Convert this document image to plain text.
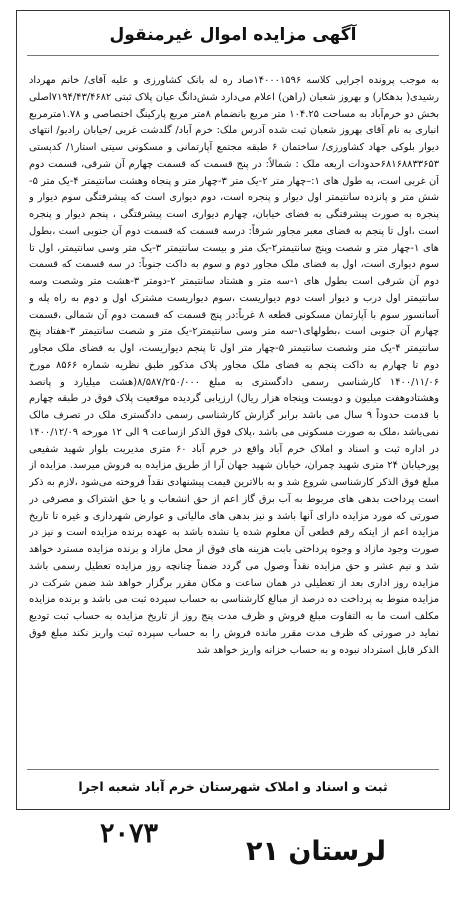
آگهی مزایده اموال غیرمنقول
به موجب پرونده اجرایی کلاسه ۱۴۰۰۰۱۵۹۶صاد ره له بانک کشاورزی و علیه آقای/ خانم مهرداد رشیدی( بدهکار) و بهروز شعبان (راهن) اعلام می‌دارد شش‌دانگ عیان پلاک ثبتی ۷۱۹۴/۴۳/۴۶۸۲اصلی بخش دو خرم‌آباد به مساحت ۱۰۴.۲۵ متر مربع بانضمام ۸متر مربع پارکینگ اختصاصی و ۱.۷۸مترمربع انباری به نام آقای بهروز شعبان ثبت شده آدرس ملک: خرم آباد/ گلدشت غربی /خیابان رادیو/ انتهای دیوار بلوکی جهاد کشاورزی/ ساختمان ۶ طبقه مجتمع آپارتمانی و مسکونی سیتی استار۱/ کدپستی ۶۸۱۶۸۸۳۳۶۵۳حدودات اربعه ملک : شمالاً: در پنج قسمت که قسمت چهارم آن شرقی، قسمت دوم آن غربی است، به طول های ۱:–چهار متر ۲-یک متر ۳-چهار متر و پنجاه وهشت سانتیمتر ۴-یک متر ۵-شش متر و پانزده سانتیمتر اول دیوار و پنجره است، دوم دیواری است که پیشرفتگی سوم دیوار و پنجره به صورت پیشرفتگی به فضای خیابان، چهارم دیواری است پیشرفتگی ، پنجم دیوار و پنجره است ،اول تا پنجم به فضای معبر مجاور شرقاً: درسه قسمت که قسمت دوم آن جنوبی است ،بطول های ۱-چهار متر و شصت وپنج سانتیمتر۲-یک متر و بیست سانتیمتر ۳-یک متر وسی سانتیمتر، اول تا سوم دیواری است، اول به فضای ملک مجاور دوم و سوم به داکت جنوباً: در سه قسمت که قسمت دوم آن شرقی است بطول های ۱-سه متر و هشتاد سانتیمتر ۲-دومتر ۳-هشت متر وشصت وسه سانتیمتر اول درب و دیوار است دوم دیواریست ،سوم دیواریست مشترک اول و دوم به راه پله و آسانسور سوم با آپارتمان مسکونی قطعه ۸ غرباً:در پنج قسمت که قسمت دوم آن شمالی ،قسمت چهارم آن جنوبی است ،بطولهای۱-سه متر وسی سانتیمتر۲-یک متر و شصت سانتیمتر ۳-هفتاد پنج سانتیمتر ۴-یک متر وشصت سانتیمتر ۵-چهار متر اول تا پنجم دیواریست، اول به فضای ملک مجاور دوم تا چهارم به داکت پنجم به فضای ملک مجاور پلاک مذکور طبق نظریه شماره ۸۵۶۶ مورخ ۱۴۰۰/۱۱/۰۶ کارشناسی رسمی دادگستری به مبلغ ۸/۵۸۷/۲۵۰/۰۰۰(هشت میلیارد و پانصد وهشتادوهفت میلیون و دویست وپنجاه هزار ریال) ارزیابی گردیده موقعیت پلاک فوق در طبقه چهارم با قدمت حدوداً ۹ سال می باشد برابر گزارش کارشناسی رسمی دادگستری ملک در تصرف مالک نمی‌باشد ،ملک به صورت مسکونی می باشد ،پلاک فوق الذکر ازساعت ۹ الی ۱۲ مورخه ۱۴۰۰/۱۲/۰۹ در اداره ثبت و اسناد و املاک خرم آباد واقع در خرم آباد ۶۰ متری مدیریت بلوار شهید شفیعی پورخیابان ۲۴ متری شهید چمران، خیابان شهید جهان آرا از طریق مزایده به فروش میرسد. مزایده از مبلغ فوق الذکر کارشناسی شروع شد و به بالاترین قیمت پیشنهادی نقداً فروخته می‌شود ،لازم به ذکر است پرداخت بدهی های مربوط به آب برق گاز اعم از حق انشعاب و یا حق اشتراک و مصرفی در صورتی که مورد مزایده دارای آنها باشد و نیز بدهی های مالیاتی و عوارض شهرداری و غیره تا تاریخ مزایده اعم از اینکه رقم قطعی آن معلوم شده یا نشده باشد به عهده برنده مزایده است و نیز در صورت وجود مازاد و وجوه پرداختی بابت هزینه های فوق از محل مازاد و برنده مزایده مسترد خواهد شد و نیم عشر و حق مزایده نقداً وصول می گردد ضمناً چنانچه روز مزایده تعطیل رسمی باشد مزایده روز اداری بعد از تعطیلی در همان ساعت و مکان مقرر برگزار خواهد شد ضمن شرکت در مزایده منوط به پرداخت ده درصد از مبالغ کارشناسی به حساب سپرده ثبت می باشد و برنده مزایده مکلف است ما به التفاوت مبلغ فروش و ظرف مدت پنج روز از تاریخ مزایده به حساب ثبت تودیع نماید در صورتی که ظرف مدت مقرر مانده فروش را به حساب سپرده ثبت واریز نکند مبلغ فوق الذکر قابل استرداد نبوده و به حساب خزانه واریز خواهد شد
ثبت و اسناد و املاک شهرستان خرم آباد شعبه اجرا
۲۰۷۳
لرستان ۲۱
